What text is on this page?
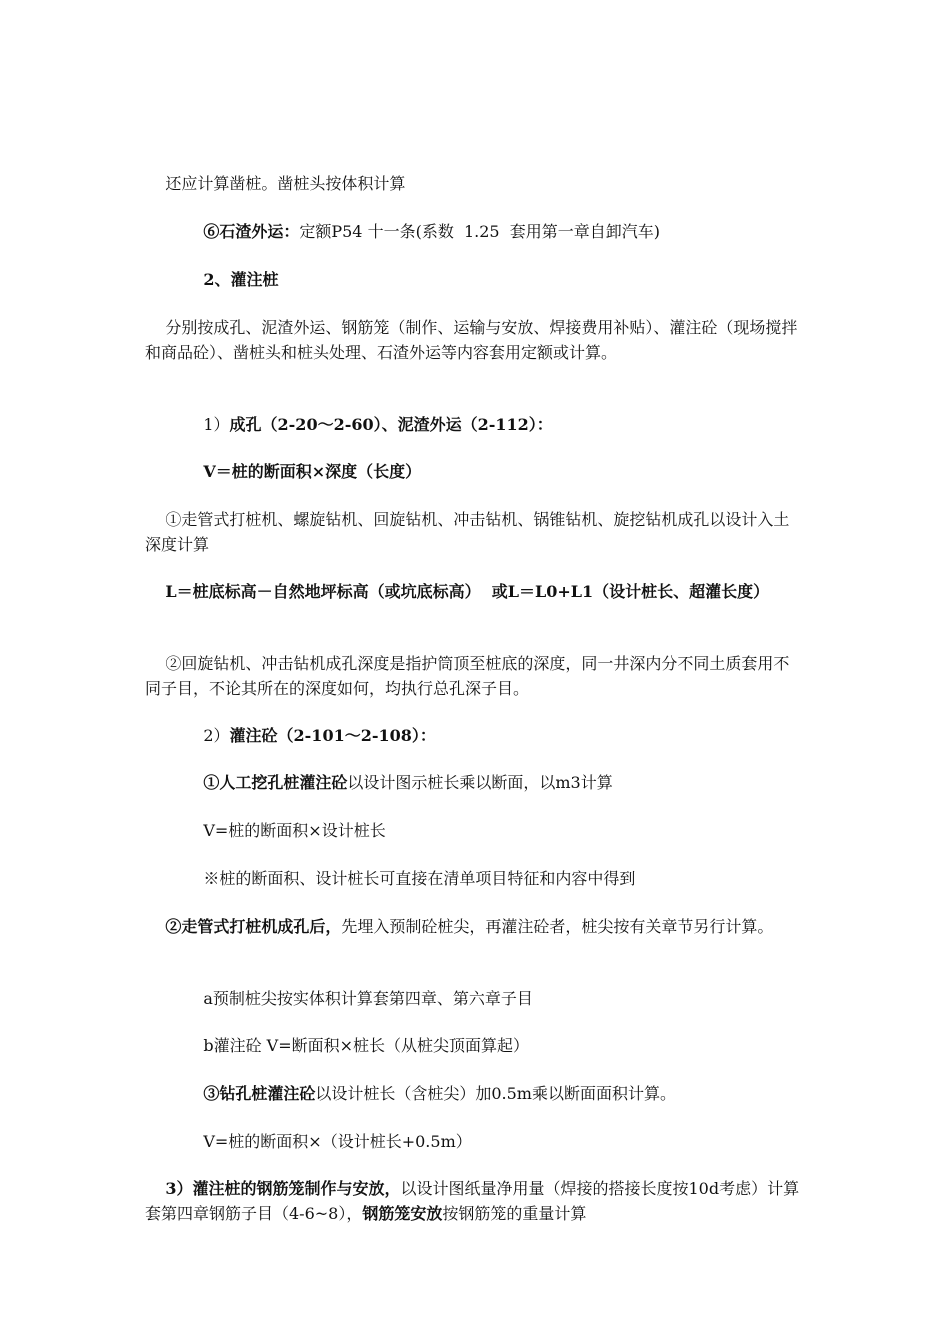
还应计算凿桩。凿桩头按体积计算

⑥石渣外运：定额P54 十一条(系数  1.25  套用第一章自卸汽车)

2、灌注桩

分别按成孔、泥渣外运、钢筋笼（制作、运输与安放、焊接费用补贴）、灌注砼（现场搅拌和商品砼）、凿桩头和桩头处理、石渣外运等内容套用定额或计算。

1）成孔（2-20～2-60）、泥渣外运（2-112）：

V＝桩的断面积×深度（长度）

①走管式打桩机、螺旋钻机、回旋钻机、冲击钻机、锅锥钻机、旋挖钻机成孔以设计入土深度计算

L＝桩底标高－自然地坪标高（或坑底标高）  或L＝L0+L1（设计桩长、超灌长度）

②回旋钻机、冲击钻机成孔深度是指护筒顶至桩底的深度，同一井深内分不同土质套用不同子目，不论其所在的深度如何，均执行总孔深子目。

2）灌注砼（2-101～2-108）：

①人工挖孔桩灌注砼以设计图示桩长乘以断面，以m3计算

V=桩的断面积×设计桩长

※桩的断面积、设计桩长可直接在清单项目特征和内容中得到

②走管式打桩机成孔后，先埋入预制砼桩尖，再灌注砼者，桩尖按有关章节另行计算。

a预制桩尖按实体积计算套第四章、第六章子目

b灌注砼 V=断面积×桩长（从桩尖顶面算起）

③钻孔桩灌注砼以设计桩长（含桩尖）加0.5m乘以断面面积计算。

V=桩的断面积×（设计桩长+0.5m）

3）灌注桩的钢筋笼制作与安放，以设计图纸量净用量（焊接的搭接长度按10d考虑）计算套第四章钢筋子目（4-6~8），钢筋笼安放按钢筋笼的重量计算
